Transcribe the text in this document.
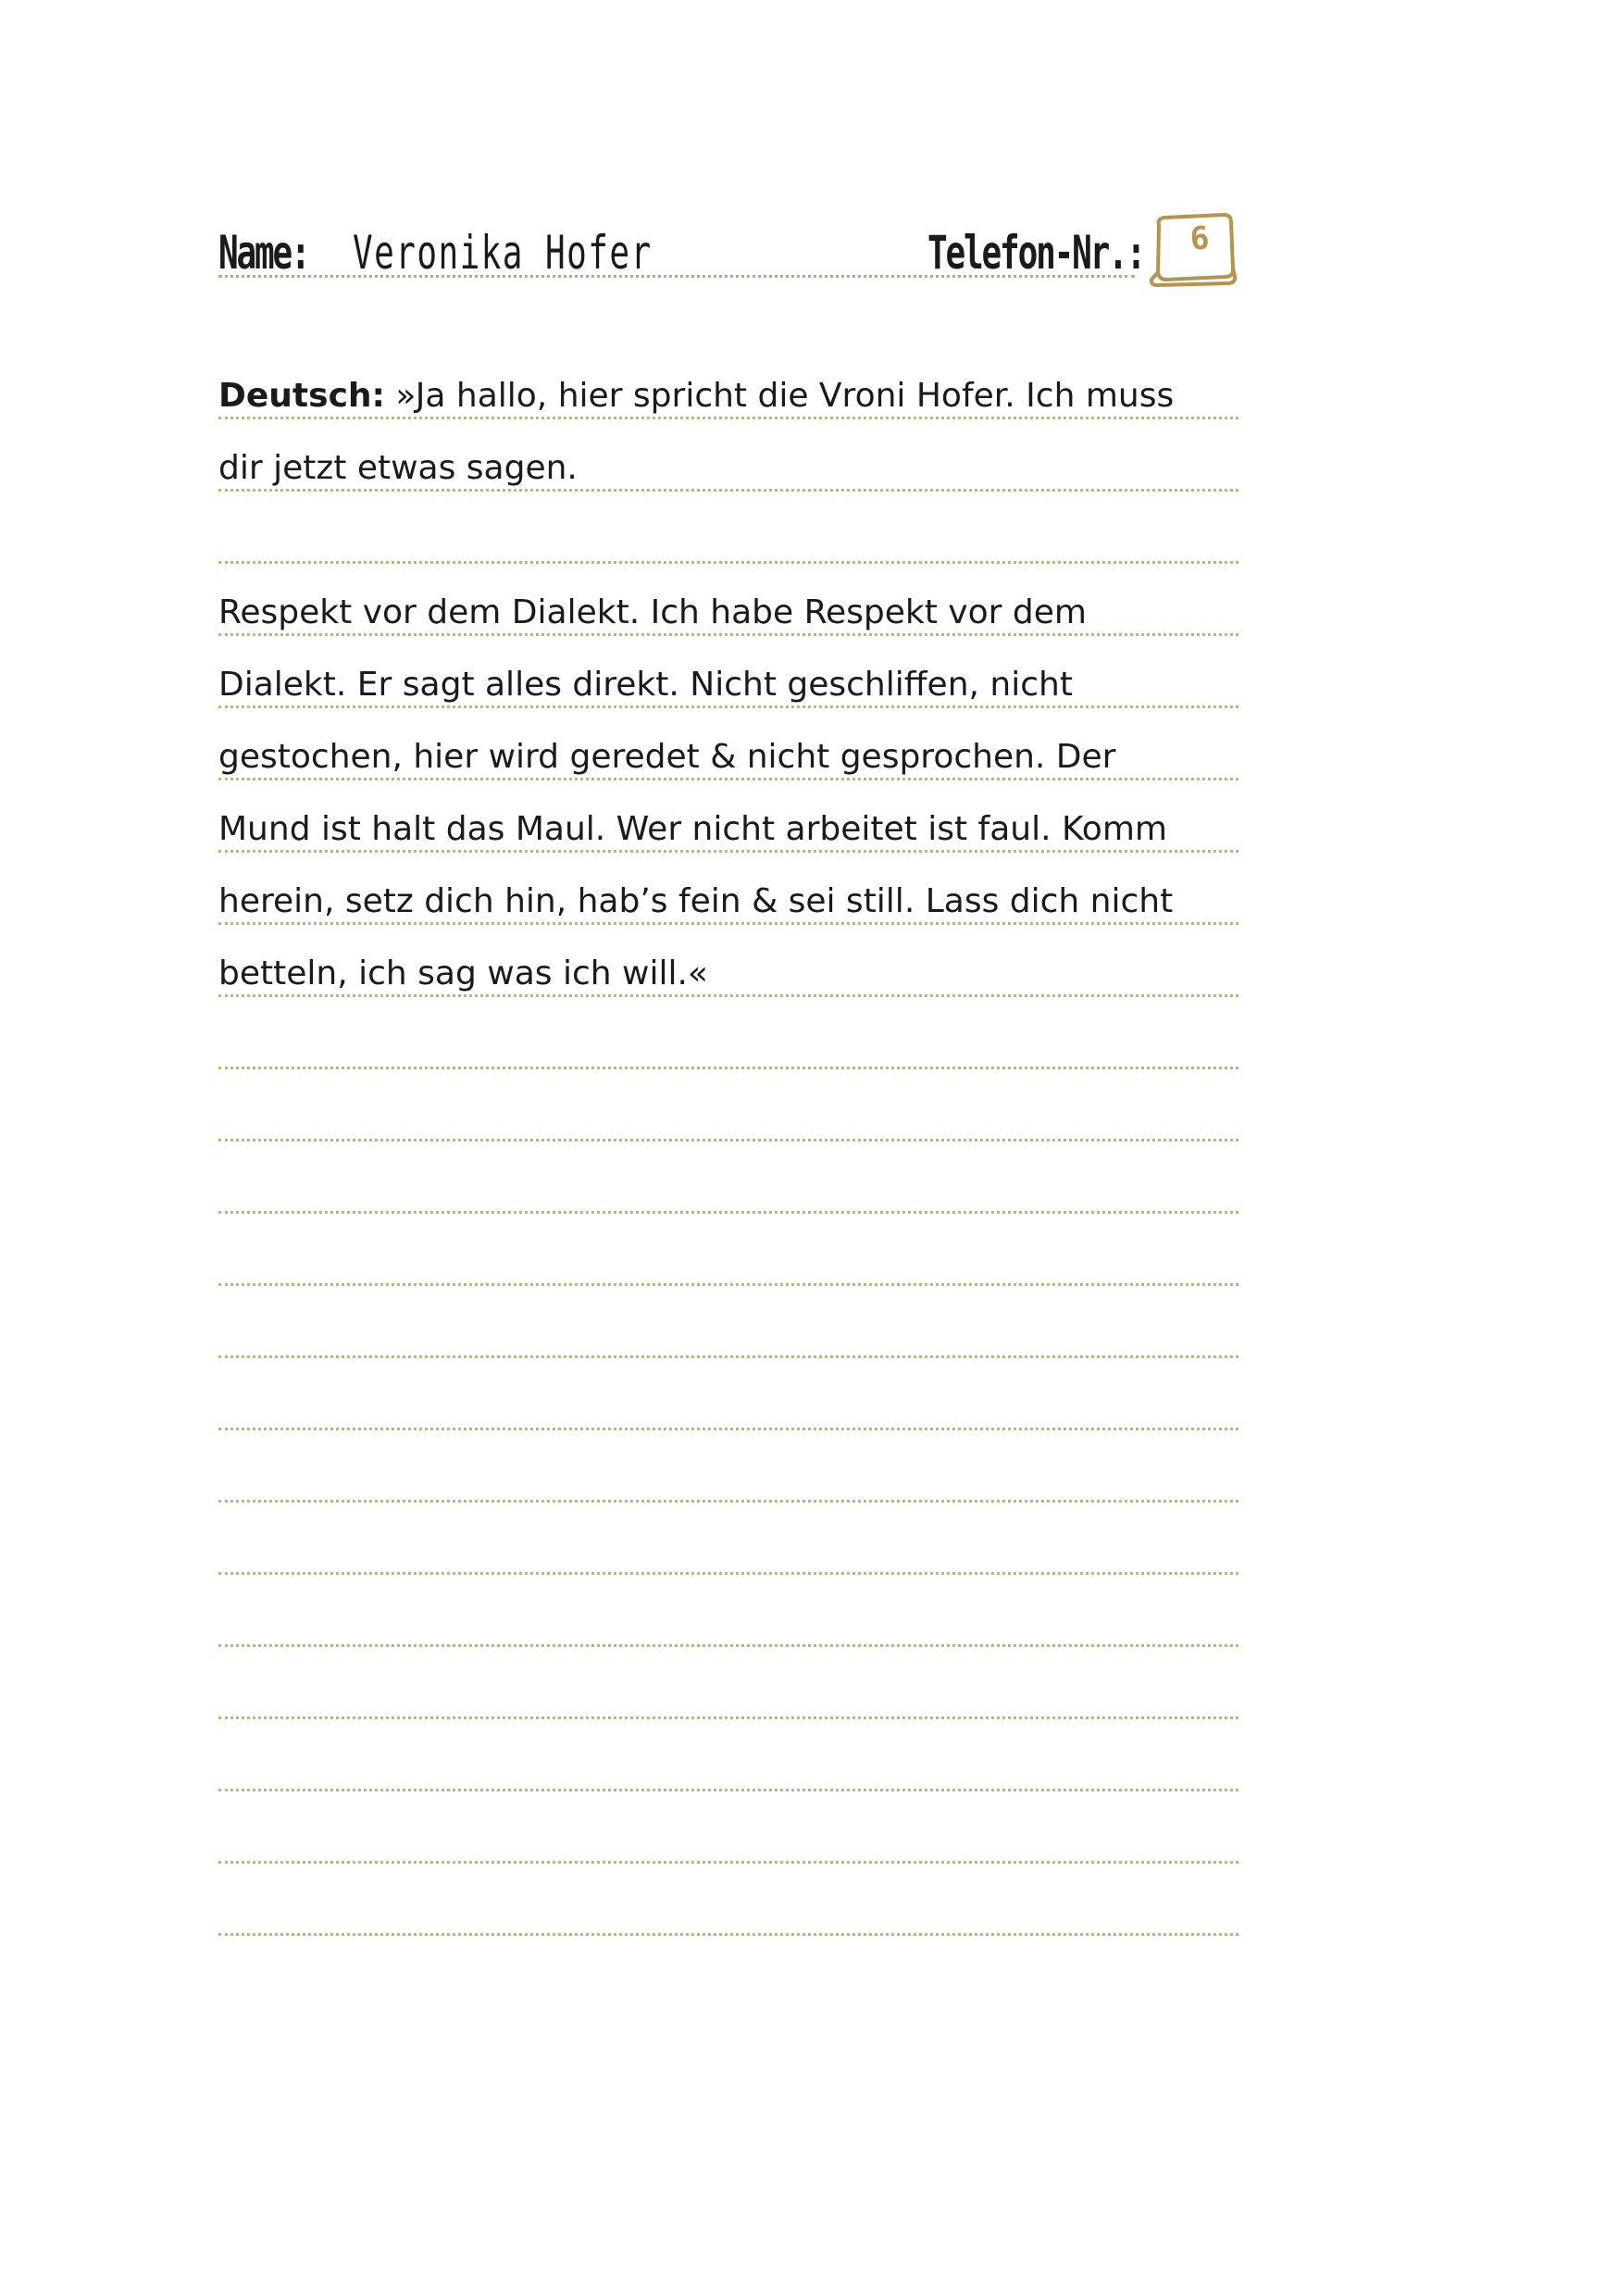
Name: Veronika Hofer	Telefon-Nr.: 6
Deutsch: »Ja hallo, hier spricht die Vroni Hofer. Ich muss
dir jetzt etwas sagen.
Respekt vor dem Dialekt. Ich habe Respekt vor dem
Dialekt. Er sagt alles direkt. Nicht geschliffen, nicht
gestochen, hier wird geredet & nicht gesprochen. Der
Mund ist halt das Maul. Wer nicht arbeitet ist faul. Komm
herein, setz dich hin, hab’s fein & sei still. Lass dich nicht
betteln, ich sag was ich will.«
